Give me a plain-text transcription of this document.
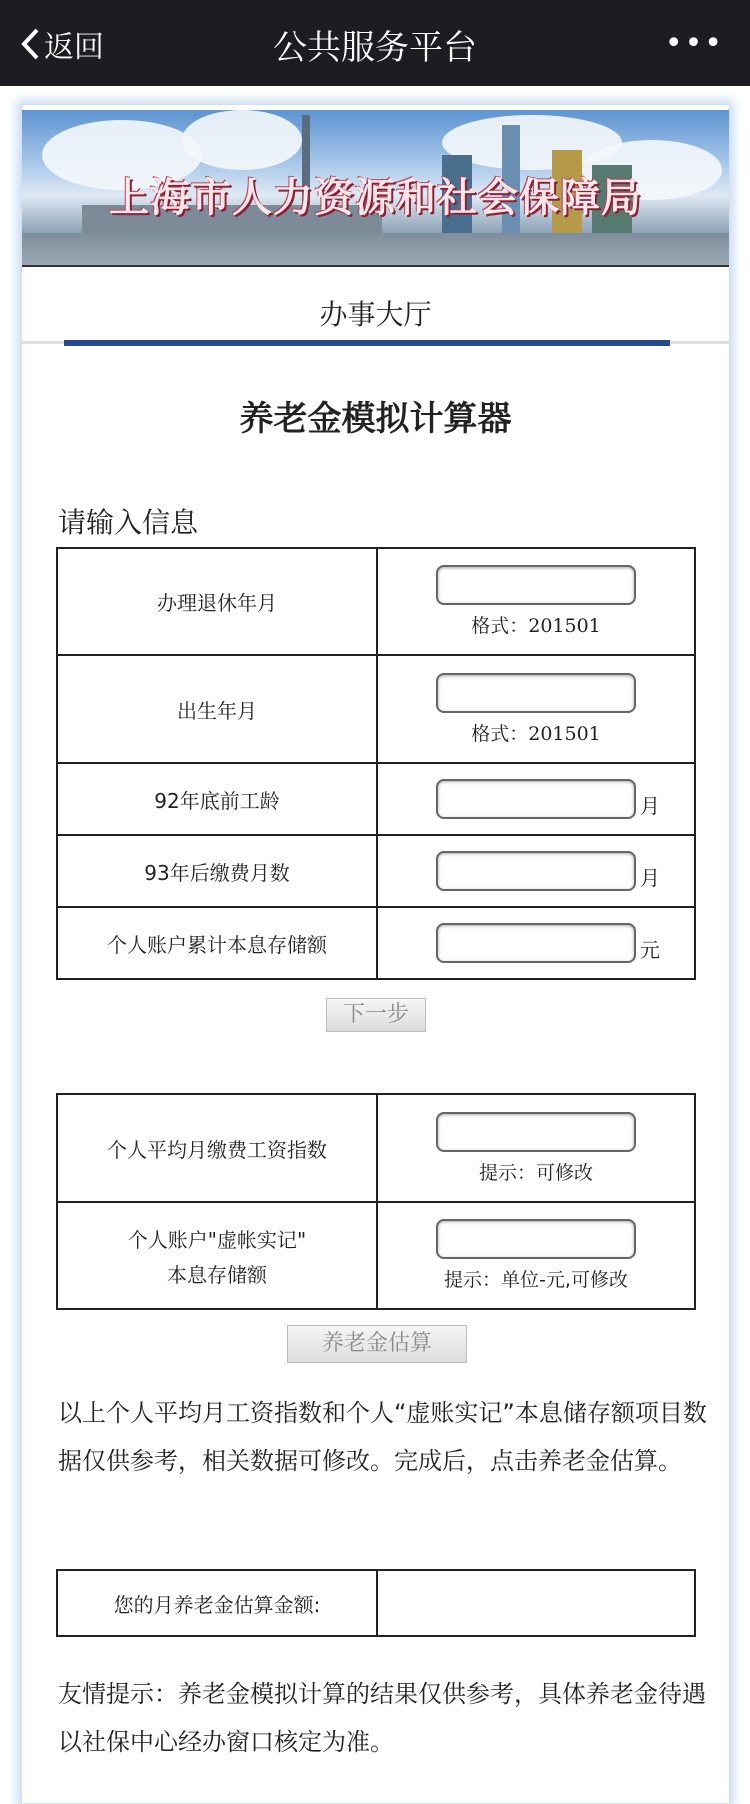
返回	公共服务平台	•••
上海市人力资源和社会保障局
办事大厅
养老金模拟计算器
请输入信息
办理退休年月	格式：201501

出生年月	格式：201501

92年底前工龄	月
93年后缴费月数	月
个人账户累计本息存储额	元
下一步
个人平均月缴费工资指数	提示：可修改

个人账户"虚帐实记"
本息存储额	提示：单位-元,可修改
养老金估算
以上个人平均月工资指数和个人“虚账实记”本息储存额项目数据仅供参考，相关数据可修改。完成后，点击养老金估算。
您的月养老金估算金额:	
友情提示：养老金模拟计算的结果仅供参考，具体养老金待遇以社保中心经办窗口核定为准。
